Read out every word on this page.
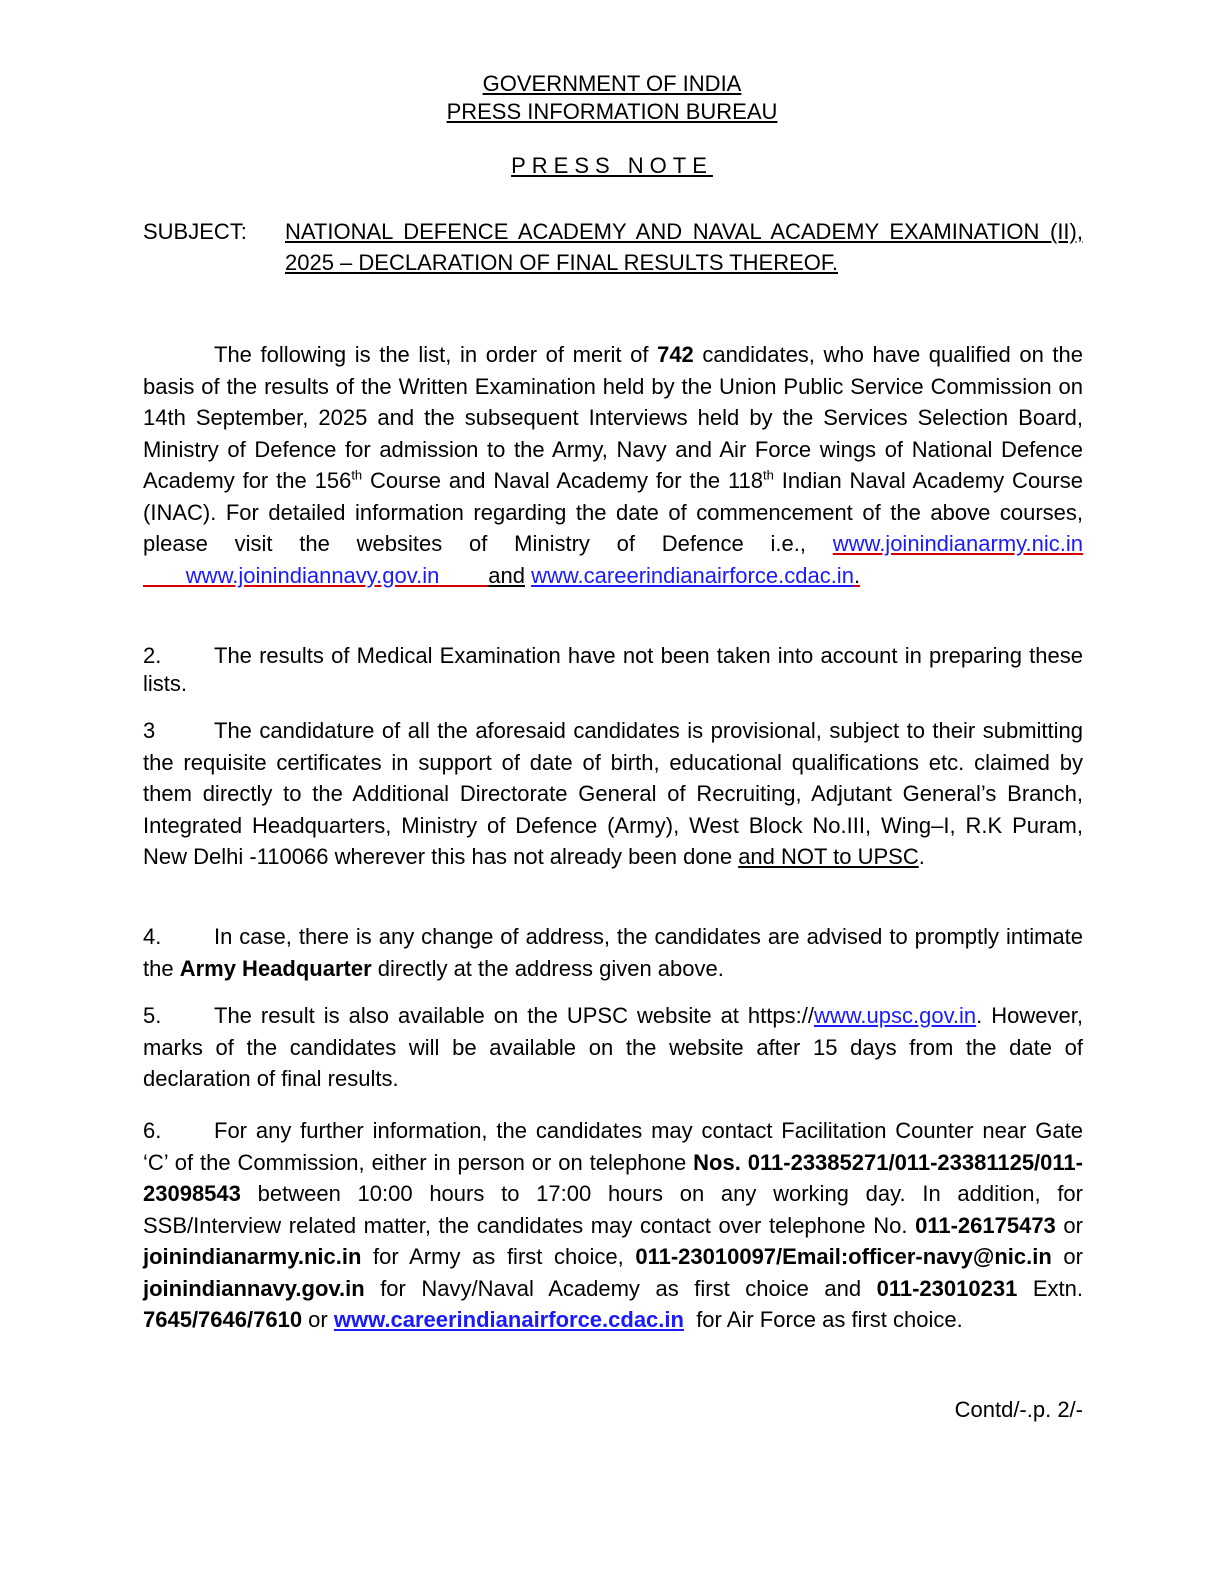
GOVERNMENT OF INDIA
PRESS INFORMATION BUREAU
PRESS NOTE
SUBJECT: NATIONAL DEFENCE ACADEMY AND NAVAL ACADEMY EXAMINATION (II), 2025 – DECLARATION OF FINAL RESULTS THEREOF.
The following is the list, in order of merit of 742 candidates, who have qualified on the basis of the results of the Written Examination held by the Union Public Service Commission on 14th September, 2025 and the subsequent Interviews held by the Services Selection Board, Ministry of Defence for admission to the Army, Navy and Air Force wings of National Defence Academy for the 156th Course and Naval Academy for the 118th Indian Naval Academy Course (INAC). For detailed information regarding the date of commencement of the above courses, please visit the websites of Ministry of Defence i.e., www.joinindianarmy.nic.in       www.joinindiannavy.gov.in and www.careerindianairforce.cdac.in.
2. The results of Medical Examination have not been taken into account in preparing these lists.
3	The candidature of all the aforesaid candidates is provisional, subject to their submitting the requisite certificates in support of date of birth, educational qualifications etc. claimed by them directly to the Additional Directorate General of Recruiting, Adjutant General’s Branch, Integrated Headquarters, Ministry of Defence (Army), West Block No.III, Wing–I, R.K Puram, New Delhi -110066 wherever this has not already been done and NOT to UPSC.
4. In case, there is any change of address, the candidates are advised to promptly intimate the Army Headquarter directly at the address given above.
5. The result is also available on the UPSC website at https://www.upsc.gov.in. However, marks of the candidates will be available on the website after 15 days from the date of declaration of final results.
6. For any further information, the candidates may contact Facilitation Counter near Gate ‘C’ of the Commission, either in person or on telephone Nos. 011-23385271/011-23381125/011-23098543 between 10:00 hours to 17:00 hours on any working day. In addition, for SSB/Interview related matter, the candidates may contact over telephone No. 011-26175473 or joinindianarmy.nic.in for Army as first choice, 011-23010097/Email:officer-navy@nic.in or joinindiannavy.gov.in for Navy/Naval Academy as first choice and 011-23010231 Extn. 7645/7646/7610 or www.careerindianairforce.cdac.in  for Air Force as first choice.
Contd/-.p. 2/-
